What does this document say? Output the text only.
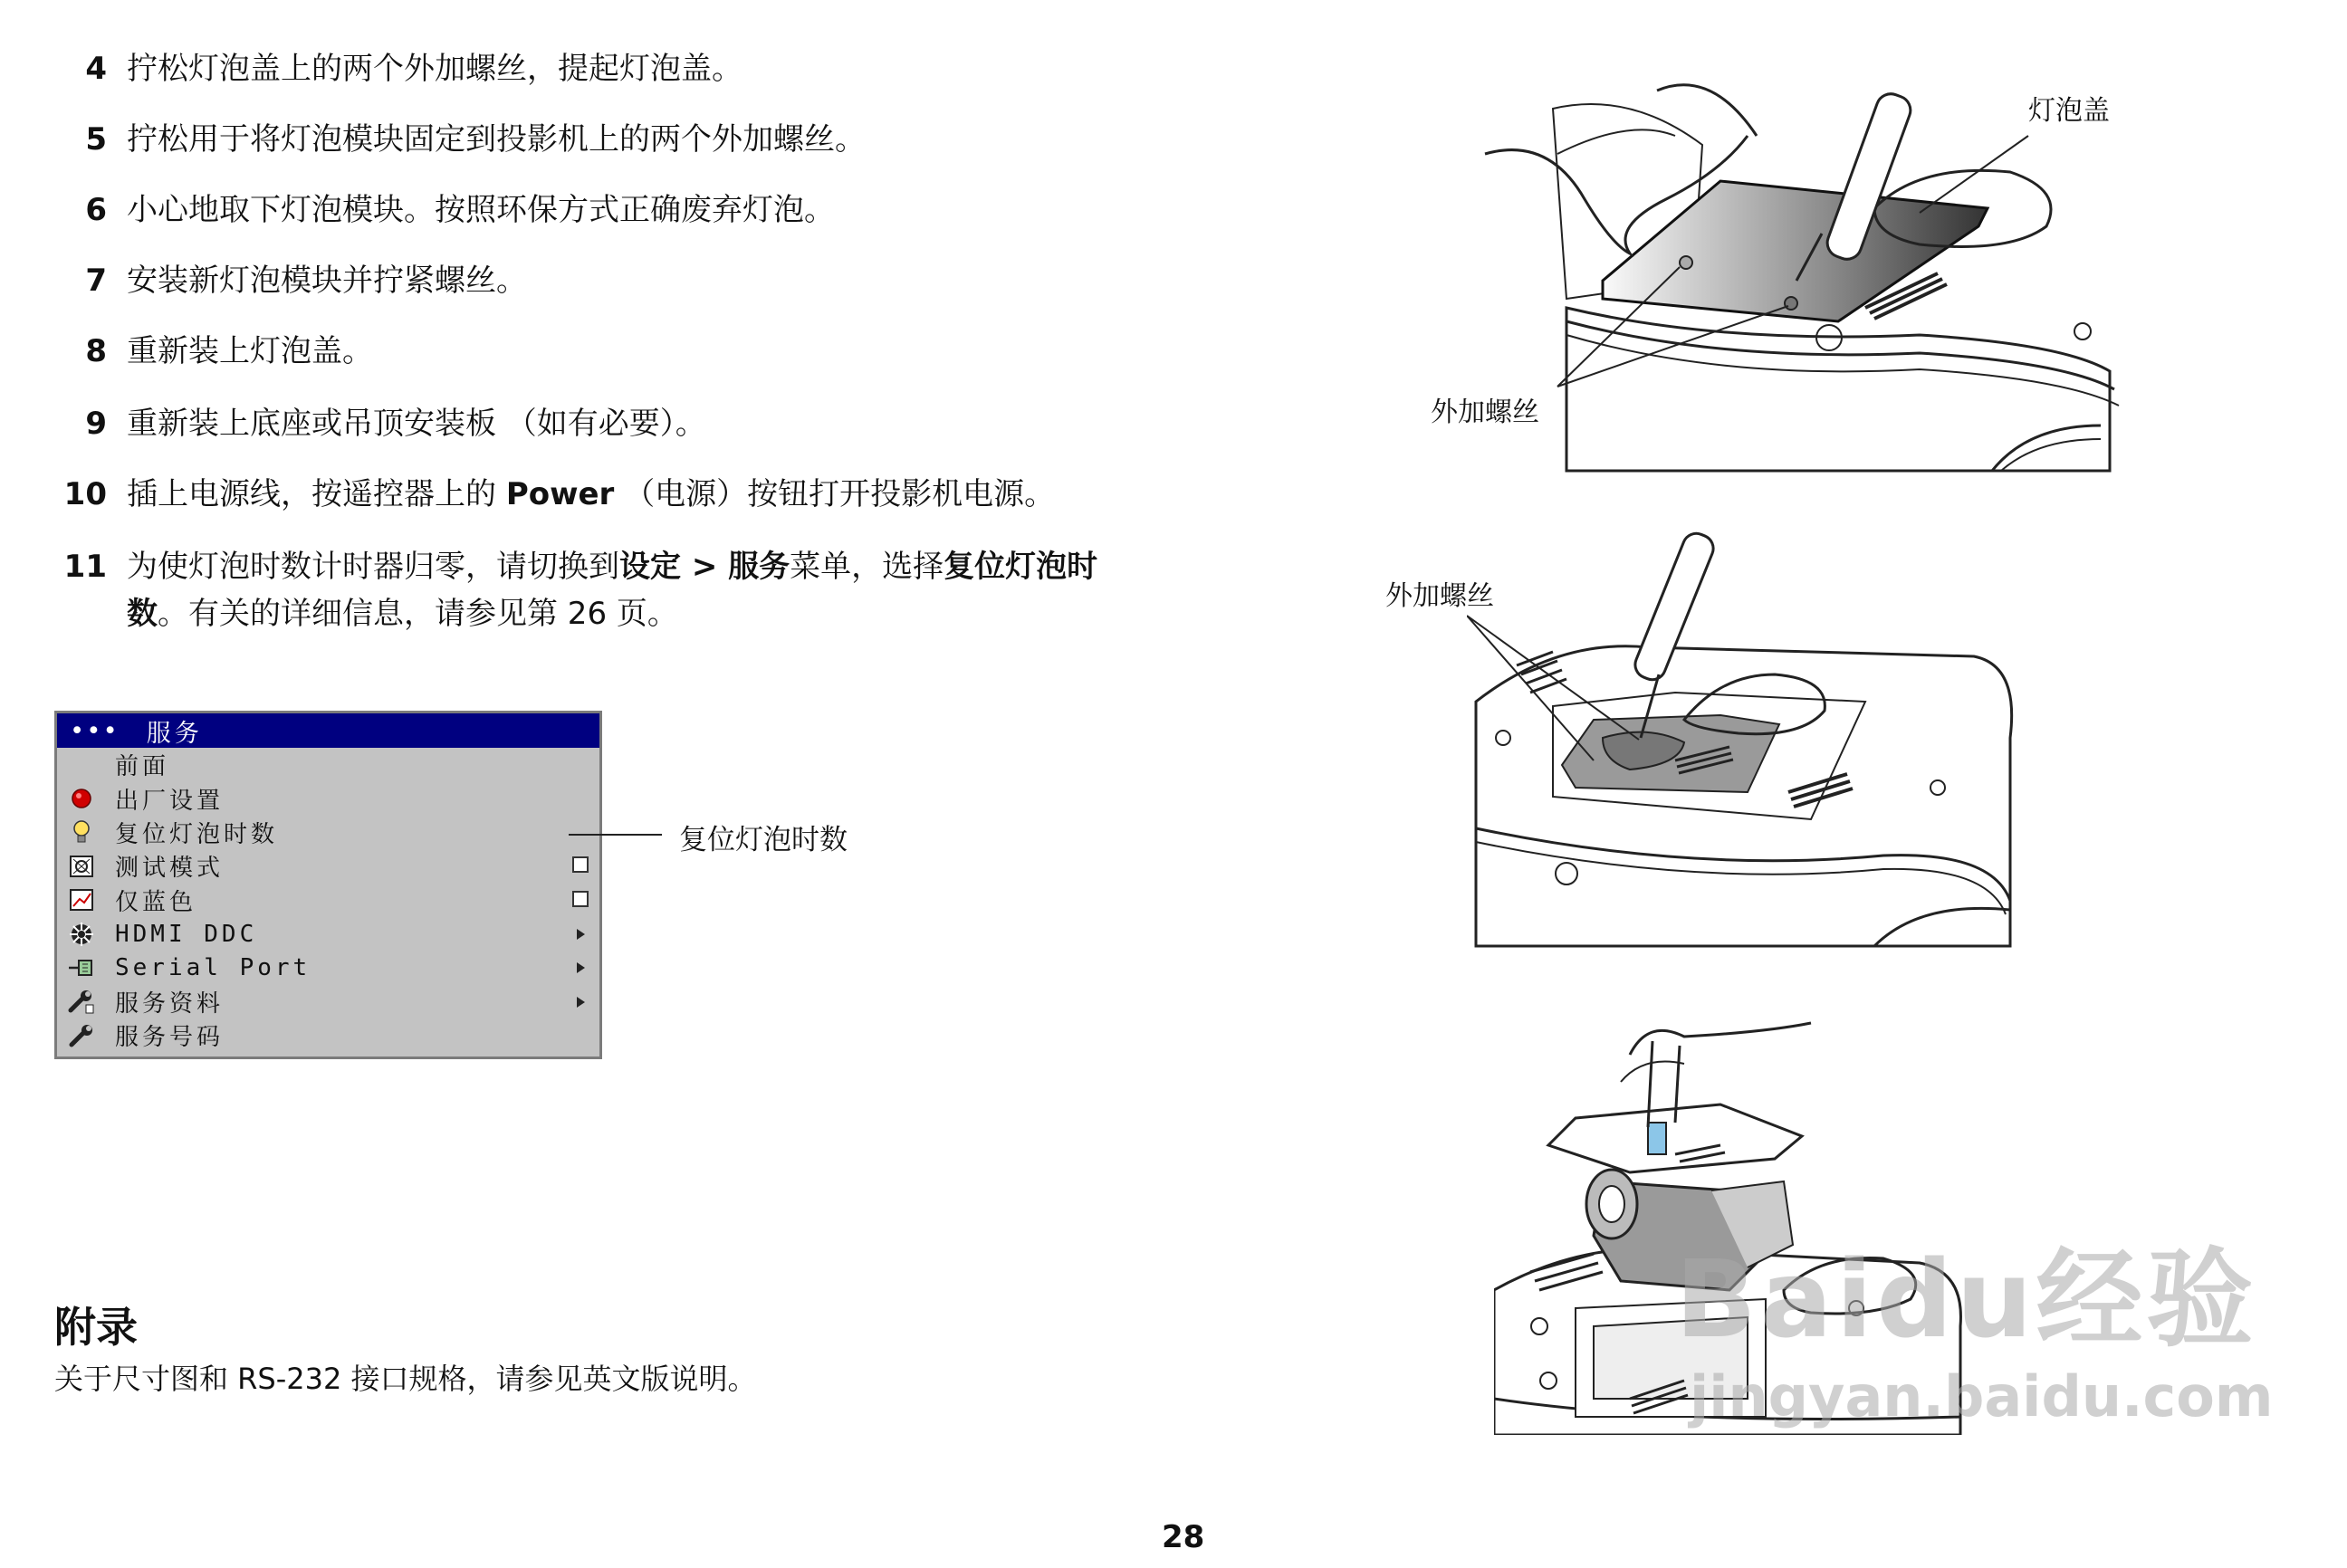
4 拧松灯泡盖上的两个外加螺丝，提起灯泡盖。
5 拧松用于将灯泡模块固定到投影机上的两个外加螺丝。
6 小心地取下灯泡模块。按照环保方式正确废弃灯泡。
7 安装新灯泡模块并拧紧螺丝。
8 重新装上灯泡盖。
9 重新装上底座或吊顶安装板 （如有必要）。
10 插上电源线，按遥控器上的 Power （电源）按钮打开投影机电源。
11 为使灯泡时数计时器归零，请切换到设定 > 服务菜单，选择复位灯泡时
数。有关的详细信息，请参见第 26 页。
••• 服务
前面
出厂设置
复位灯泡时数
测试模式
仅蓝色
HDMI DDC
Serial Port
服务资料
服务号码
复位灯泡时数
附录
关于尺寸图和 RS-232 接口规格，请参见英文版说明。
28
灯泡盖
外加螺丝
外加螺丝
Baidu经验
jingyan.baidu.com
